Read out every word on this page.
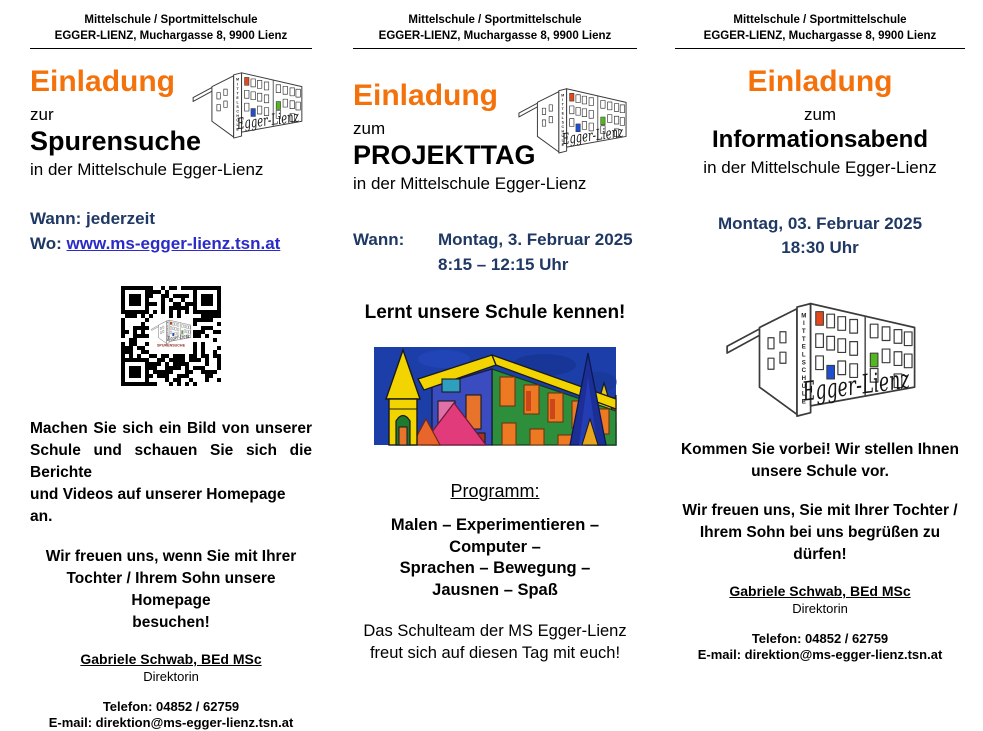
Mittelschule / Sportmittelschule
EGGER-LIENZ, Muchargasse 8, 9900 Lienz
Einladung
zur
Spurensuche
in der Mittelschule Egger-Lienz
Wann: jederzeit
Wo: www.ms-egger-lienz.tsn.at
SPURENSUCHE
Machen Sie sich ein Bild von unserer
Schule und schauen Sie sich die Berichte
und Videos auf unserer Homepage an.
Wir freuen uns, wenn Sie mit Ihrer
Tochter / Ihrem Sohn unsere Homepage
besuchen!
Gabriele Schwab, BEd MSc
Direktorin
Telefon: 04852 / 62759
E-mail: direktion@ms-egger-lienz.tsn.at
Mittelschule / Sportmittelschule
EGGER-LIENZ, Muchargasse 8, 9900 Lienz
Einladung
zum
PROJEKTTAG
in der Mittelschule Egger-Lienz
Wann:	Montag, 3. Februar 2025
8:15 – 12:15 Uhr
Lernt unsere Schule kennen!
Programm:
Malen – Experimentieren – Computer –
Sprachen – Bewegung –
Jausnen – Spaß
Das Schulteam der MS Egger-Lienz
freut sich auf diesen Tag mit euch!
Mittelschule / Sportmittelschule
EGGER-LIENZ, Muchargasse 8, 9900 Lienz
Einladung
zum
Informationsabend
in der Mittelschule Egger-Lienz
Montag, 03. Februar 2025
18:30 Uhr
Kommen Sie vorbei! Wir stellen Ihnen
unsere Schule vor.
Wir freuen uns, Sie mit Ihrer Tochter /
Ihrem Sohn bei uns begrüßen zu dürfen!
Gabriele Schwab, BEd MSc
Direktorin
Telefon: 04852 / 62759
E-mail: direktion@ms-egger-lienz.tsn.at
